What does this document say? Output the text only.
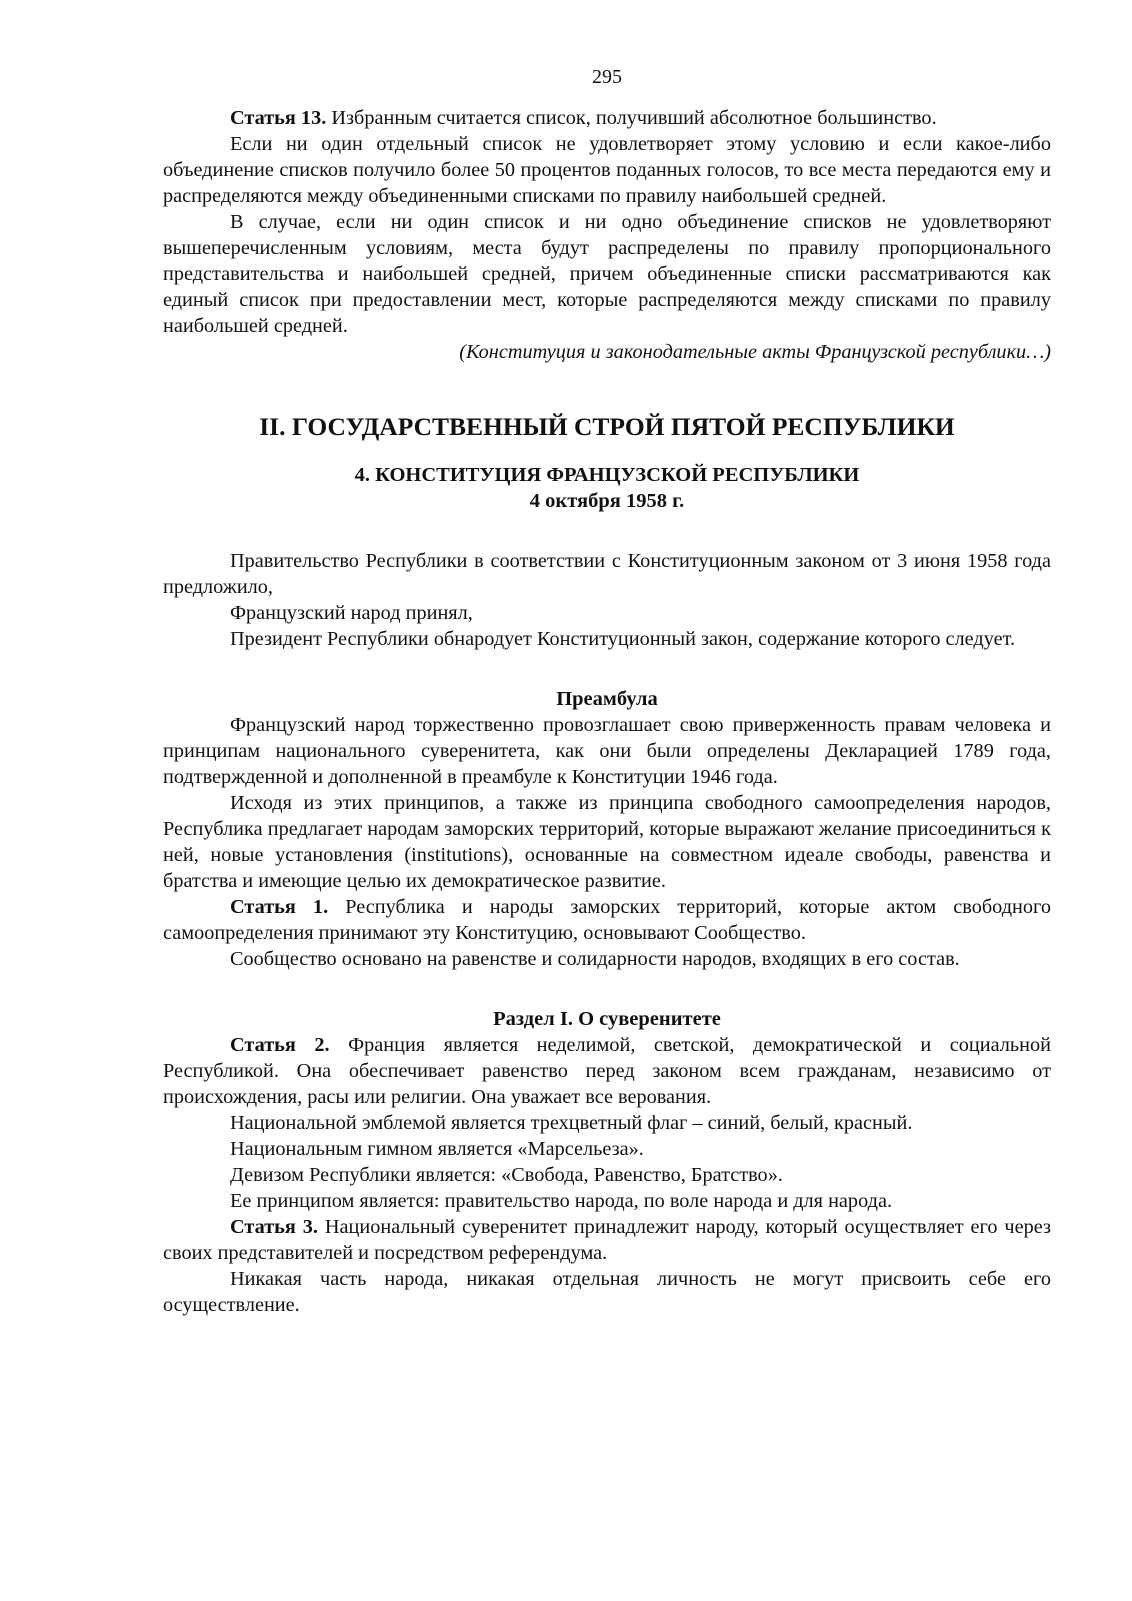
295

Статья 13. Избранным считается список, получивший абсолютное большинство.

Если ни один отдельный список не удовлетворяет этому условию и если какое-либо объединение списков получило более 50 процентов поданных голосов, то все места передаются ему и распределяются между объединенными списками по правилу наибольшей средней.

В случае, если ни один список и ни одно объединение списков не удовлетворяют вышеперечисленным условиям, места будут распределены по правилу пропорционального представительства и наибольшей средней, причем объединенные списки рассматриваются как единый список при предоставлении мест, которые распределяются между списками по правилу наибольшей средней.

(Конституция и законодательные акты Французской республики…)

II. ГОСУДАРСТВЕННЫЙ СТРОЙ ПЯТОЙ РЕСПУБЛИКИ
4. КОНСТИТУЦИЯ ФРАНЦУЗСКОЙ РЕСПУБЛИКИ
4 октября 1958 г.

Правительство Республики в соответствии с Конституционным законом от 3 июня 1958 года предложило,

Французский народ принял,

Президент Республики обнародует Конституционный закон, содержание которого следует.

Преамбула

Французский народ торжественно провозглашает свою приверженность правам человека и принципам национального суверенитета, как они были определены Декларацией 1789 года, подтвержденной и дополненной в преамбуле к Конституции 1946 года.

Исходя из этих принципов, а также из принципа свободного самоопределения народов, Республика предлагает народам заморских территорий, которые выражают желание присоединиться к ней, новые установления (institutions), основанные на совместном идеале свободы, равенства и братства и имеющие целью их демократическое развитие.

Статья 1. Республика и народы заморских территорий, которые актом свободного самоопределения принимают эту Конституцию, основывают Сообщество.

Сообщество основано на равенстве и солидарности народов, входящих в его состав.

Раздел I. О суверенитете

Статья 2. Франция является неделимой, светской, демократической и социальной Республикой. Она обеспечивает равенство перед законом всем гражданам, независимо от происхождения, расы или религии. Она уважает все верования.

Национальной эмблемой является трехцветный флаг – синий, белый, красный.

Национальным гимном является «Марсельеза».

Девизом Республики является: «Свобода, Равенство, Братство».

Ее принципом является: правительство народа, по воле народа и для народа.

Статья 3. Национальный суверенитет принадлежит народу, который осуществляет его через своих представителей и посредством референдума.

Никакая часть народа, никакая отдельная личность не могут присвоить себе его осуществление.
